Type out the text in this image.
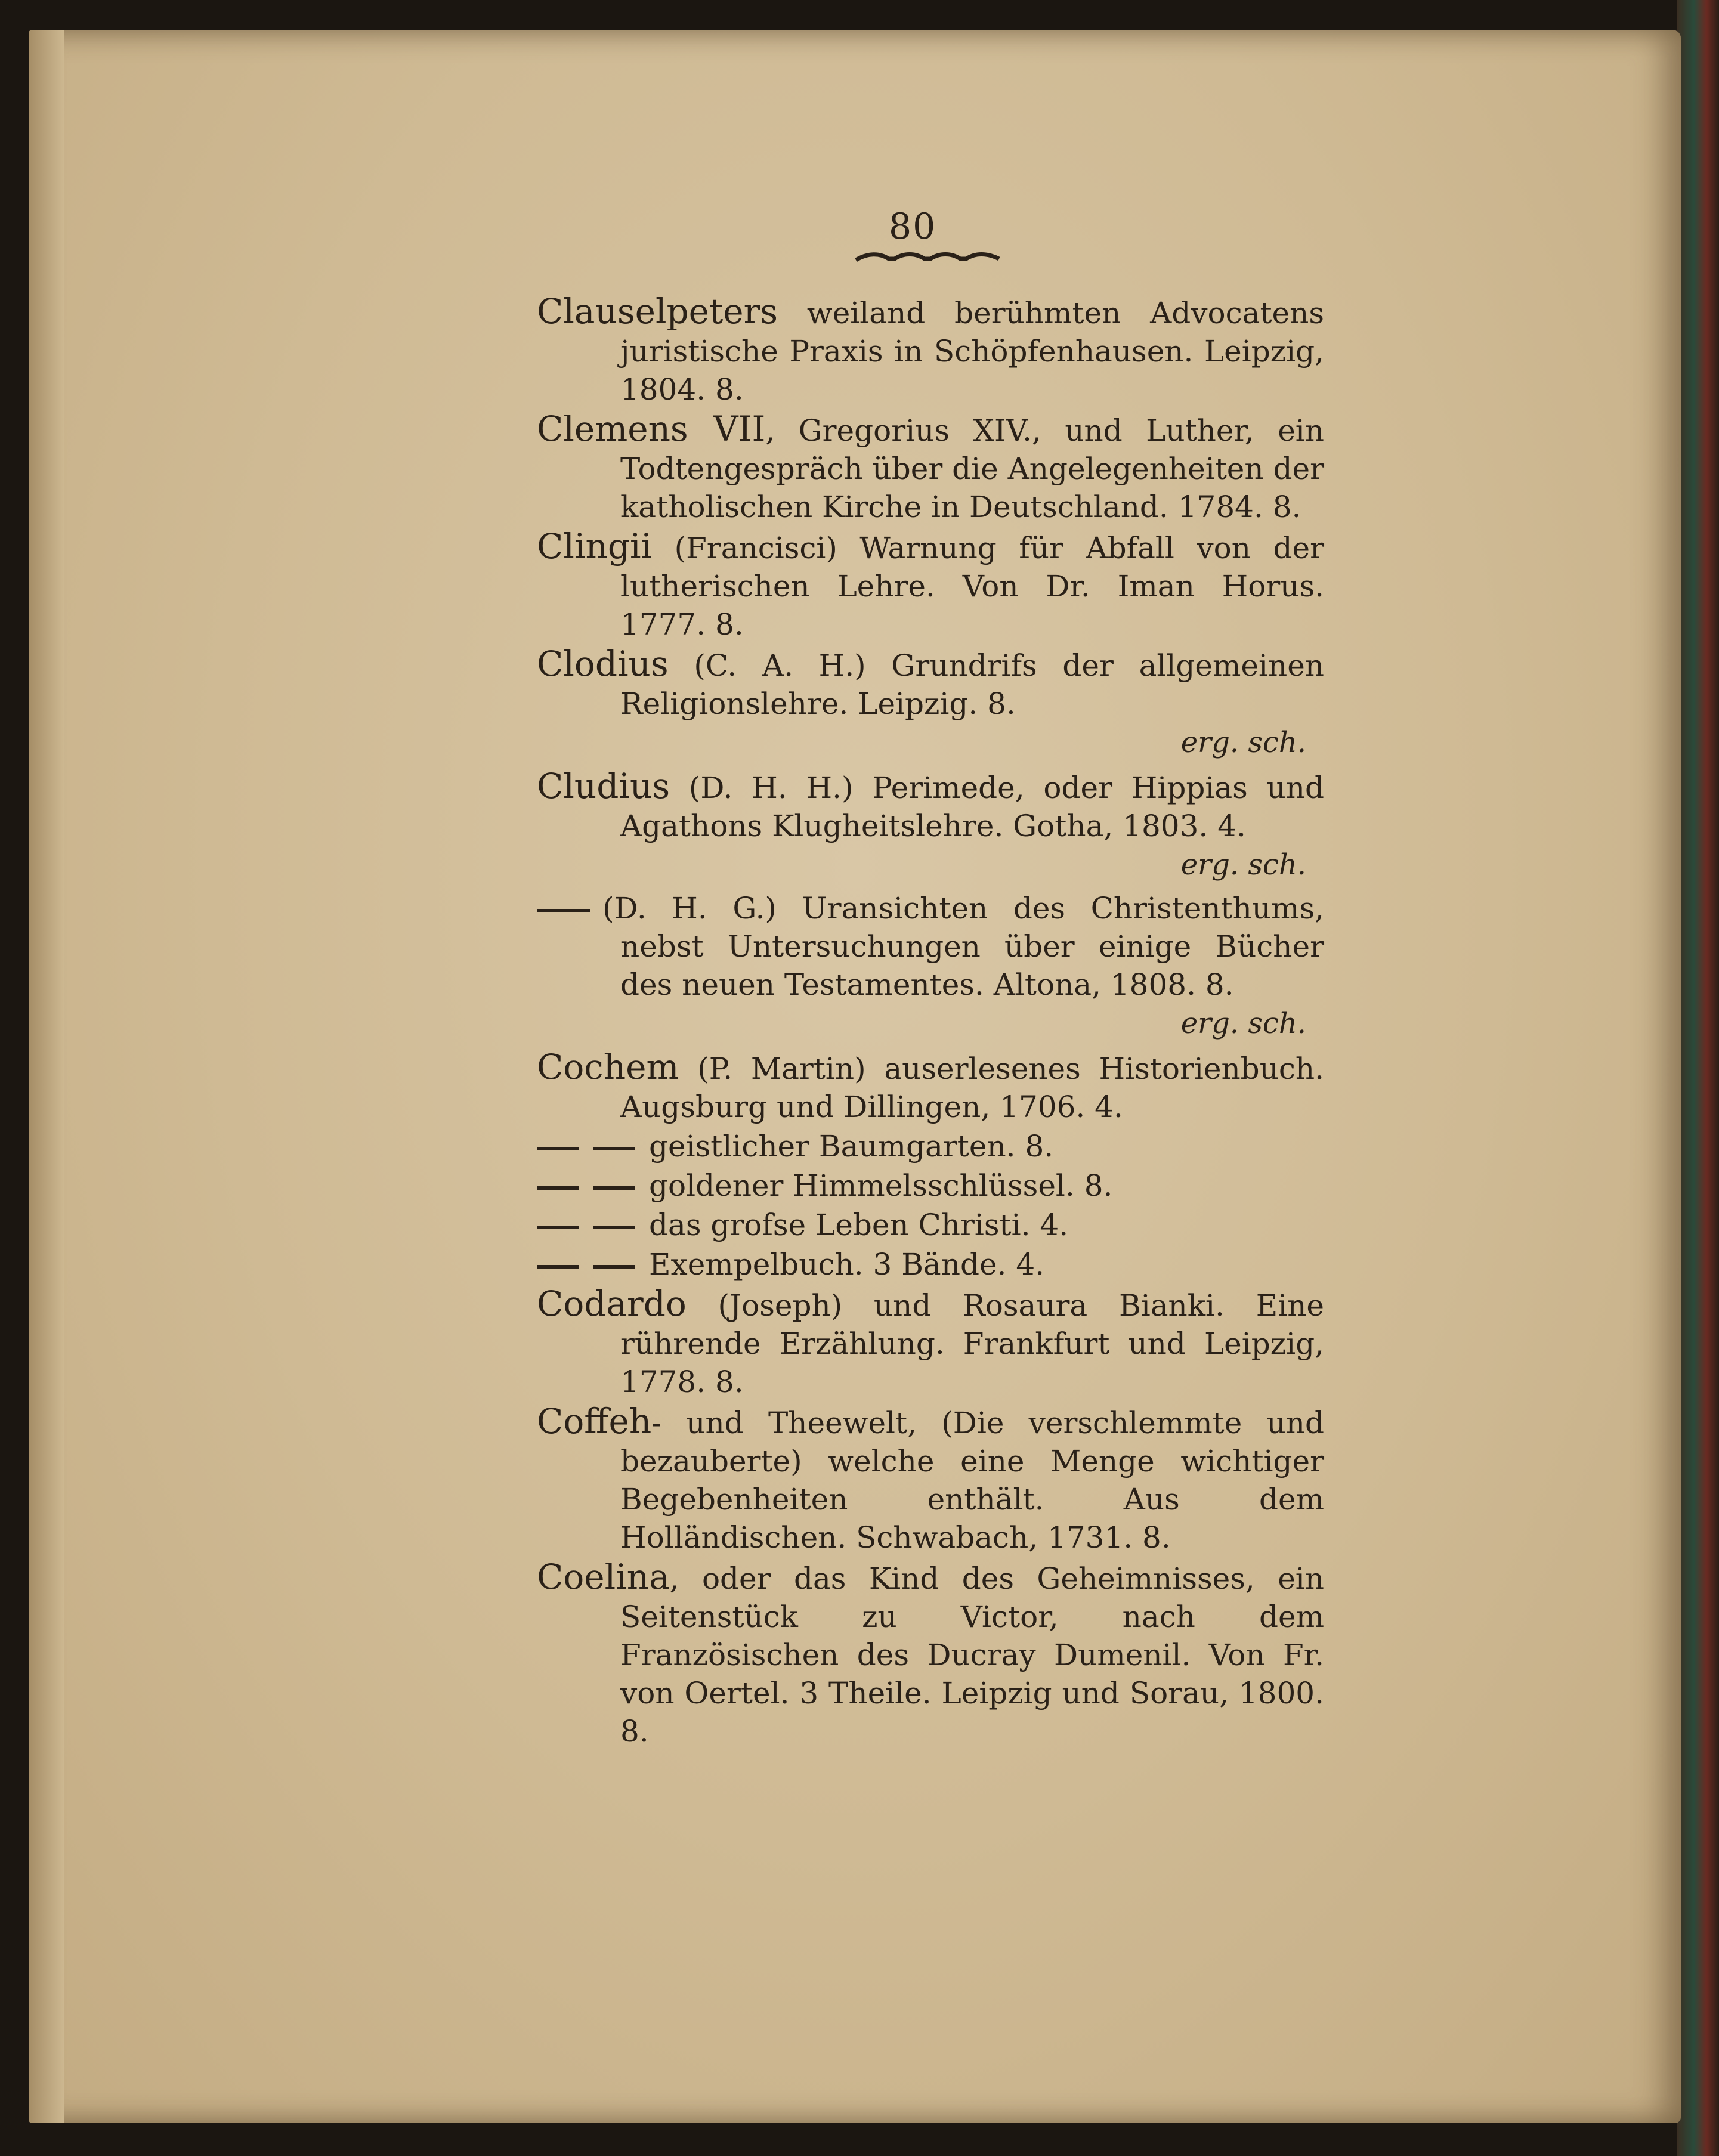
80
Clauselpeters weiland berühmten Advocatens juristische Praxis in Schöpfenhausen. Leipzig, 1804. 8.
Clemens VII, Gregorius XIV., und Luther, ein Todtengespräch über die Angelegenheiten der katholischen Kirche in Deutschland. 1784. 8.
Clingii (Francisci) Warnung für Abfall von der lutherischen Lehre. Von Dr. Iman Horus. 1777. 8.
Clodius (C. A. H.) Grundrifs der allgemeinen Religionslehre. Leipzig. 8.
erg. sch.
Cludius (D. H. H.) Perimede, oder Hippias und Agathons Klugheitslehre. Gotha, 1803. 4.
erg. sch.
(D. H. G.) Uransichten des Christenthums, nebst Untersuchungen über einige Bücher des neuen Testamentes. Altona, 1808. 8.
erg. sch.
Cochem (P. Martin) auserlesenes Historienbuch. Augsburg und Dillingen, 1706. 4.
geistlicher Baumgarten. 8.
goldener Himmelsschlüssel. 8.
das grofse Leben Christi. 4.
Exempelbuch. 3 Bände. 4.
Codardo (Joseph) und Rosaura Bianki. Eine rührende Erzählung. Frankfurt und Leipzig, 1778. 8.
Coffeh- und Theewelt, (Die verschlemmte und bezauberte) welche eine Menge wichtiger Begebenheiten enthält. Aus dem Holländischen. Schwabach, 1731. 8.
Coelina, oder das Kind des Geheimnisses, ein Seitenstück zu Victor, nach dem Französischen des Ducray Dumenil. Von Fr. von Oertel. 3 Theile. Leipzig und Sorau, 1800. 8.
